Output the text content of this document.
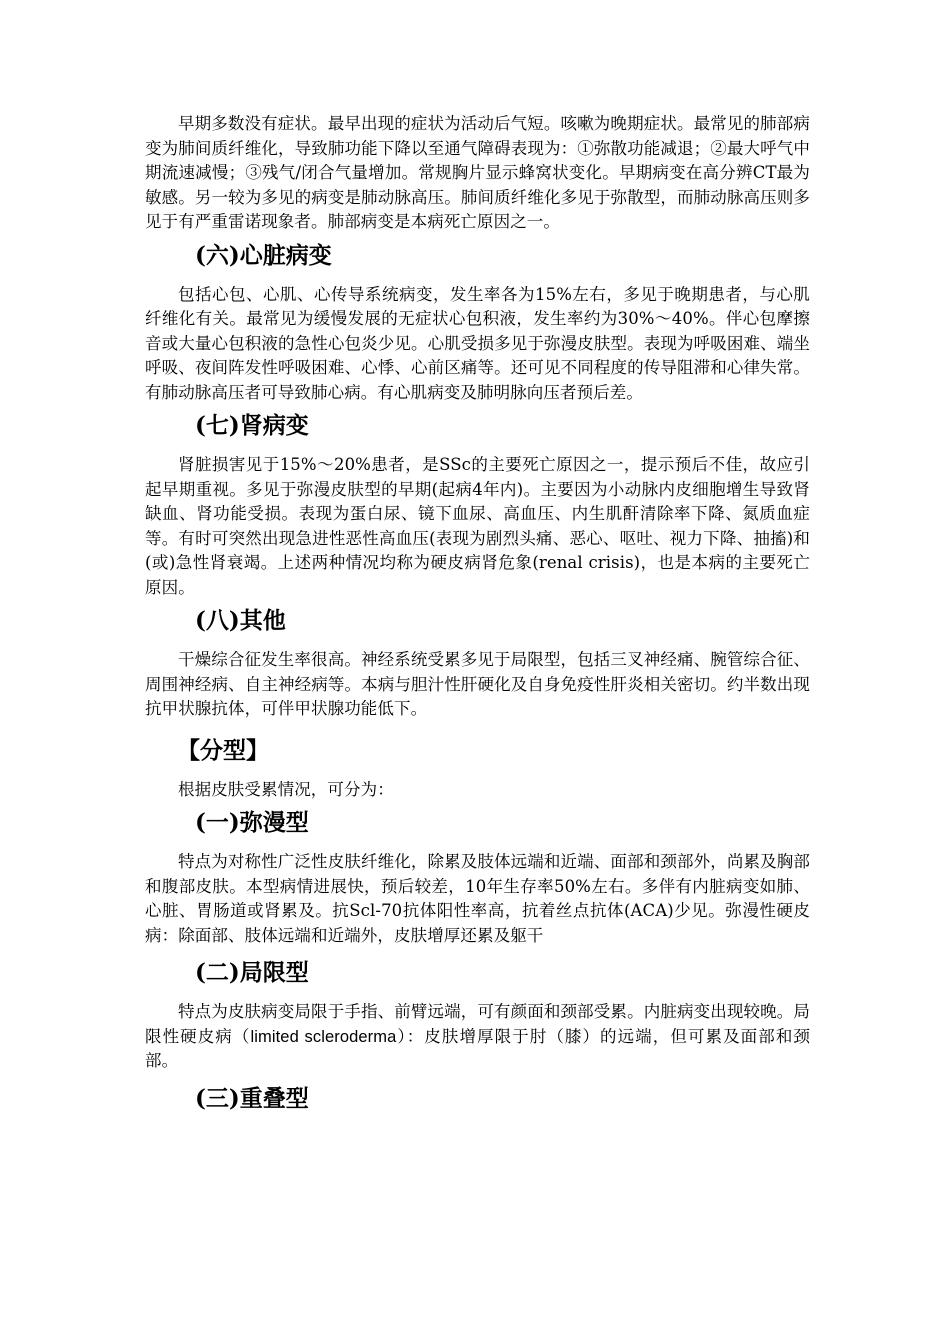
早期多数没有症状。最早出现的症状为活动后气短。咳嗽为晚期症状。最常见的肺部病变为肺间质纤维化，导致肺功能下降以至通气障碍表现为：①弥散功能减退；②最大呼气中期流速减慢；③残气/闭合气量增加。常规胸片显示蜂窝状变化。早期病变在高分辨CT最为敏感。另一较为多见的病变是肺动脉高压。肺间质纤维化多见于弥散型，而肺动脉高压则多见于有严重雷诺现象者。肺部病变是本病死亡原因之一。

(六)心脏病变

包括心包、心肌、心传导系统病变，发生率各为15%左右，多见于晚期患者，与心肌纤维化有关。最常见为缓慢发展的无症状心包积液，发生率约为30%～40%。伴心包摩擦音或大量心包积液的急性心包炎少见。心肌受损多见于弥漫皮肤型。表现为呼吸困难、端坐呼吸、夜间阵发性呼吸困难、心悸、心前区痛等。还可见不同程度的传导阻滞和心律失常。有肺动脉高压者可导致肺心病。有心肌病变及肺明脉向压者预后差。

(七)肾病变

肾脏损害见于15%～20%患者，是SSc的主要死亡原因之一，提示预后不佳，故应引起早期重视。多见于弥漫皮肤型的早期(起病4年内)。主要因为小动脉内皮细胞增生导致肾缺血、肾功能受损。表现为蛋白尿、镜下血尿、高血压、内生肌酐清除率下降、氮质血症等。有时可突然出现急进性恶性高血压(表现为剧烈头痛、恶心、呕吐、视力下降、抽搐)和(或)急性肾衰竭。上述两种情况均称为硬皮病肾危象(renal crisis)，也是本病的主要死亡原因。

(八)其他

干燥综合征发生率很高。神经系统受累多见于局限型，包括三叉神经痛、腕管综合征、周围神经病、自主神经病等。本病与胆汁性肝硬化及自身免疫性肝炎相关密切。约半数出现抗甲状腺抗体，可伴甲状腺功能低下。

【分型】

根据皮肤受累情况，可分为：

(一)弥漫型

特点为对称性广泛性皮肤纤维化，除累及肢体远端和近端、面部和颈部外，尚累及胸部和腹部皮肤。本型病情进展快，预后较差，10年生存率50%左右。多伴有内脏病变如肺、心脏、胃肠道或肾累及。抗Scl-70抗体阳性率高，抗着丝点抗体(ACA)少见。弥漫性硬皮病：除面部、肢体远端和近端外，皮肤增厚还累及躯干

(二)局限型

特点为皮肤病变局限于手指、前臂远端，可有颜面和颈部受累。内脏病变出现较晚。局限性硬皮病（limited scleroderma）：皮肤增厚限于肘（膝）的远端，但可累及面部和颈部。

(三)重叠型
